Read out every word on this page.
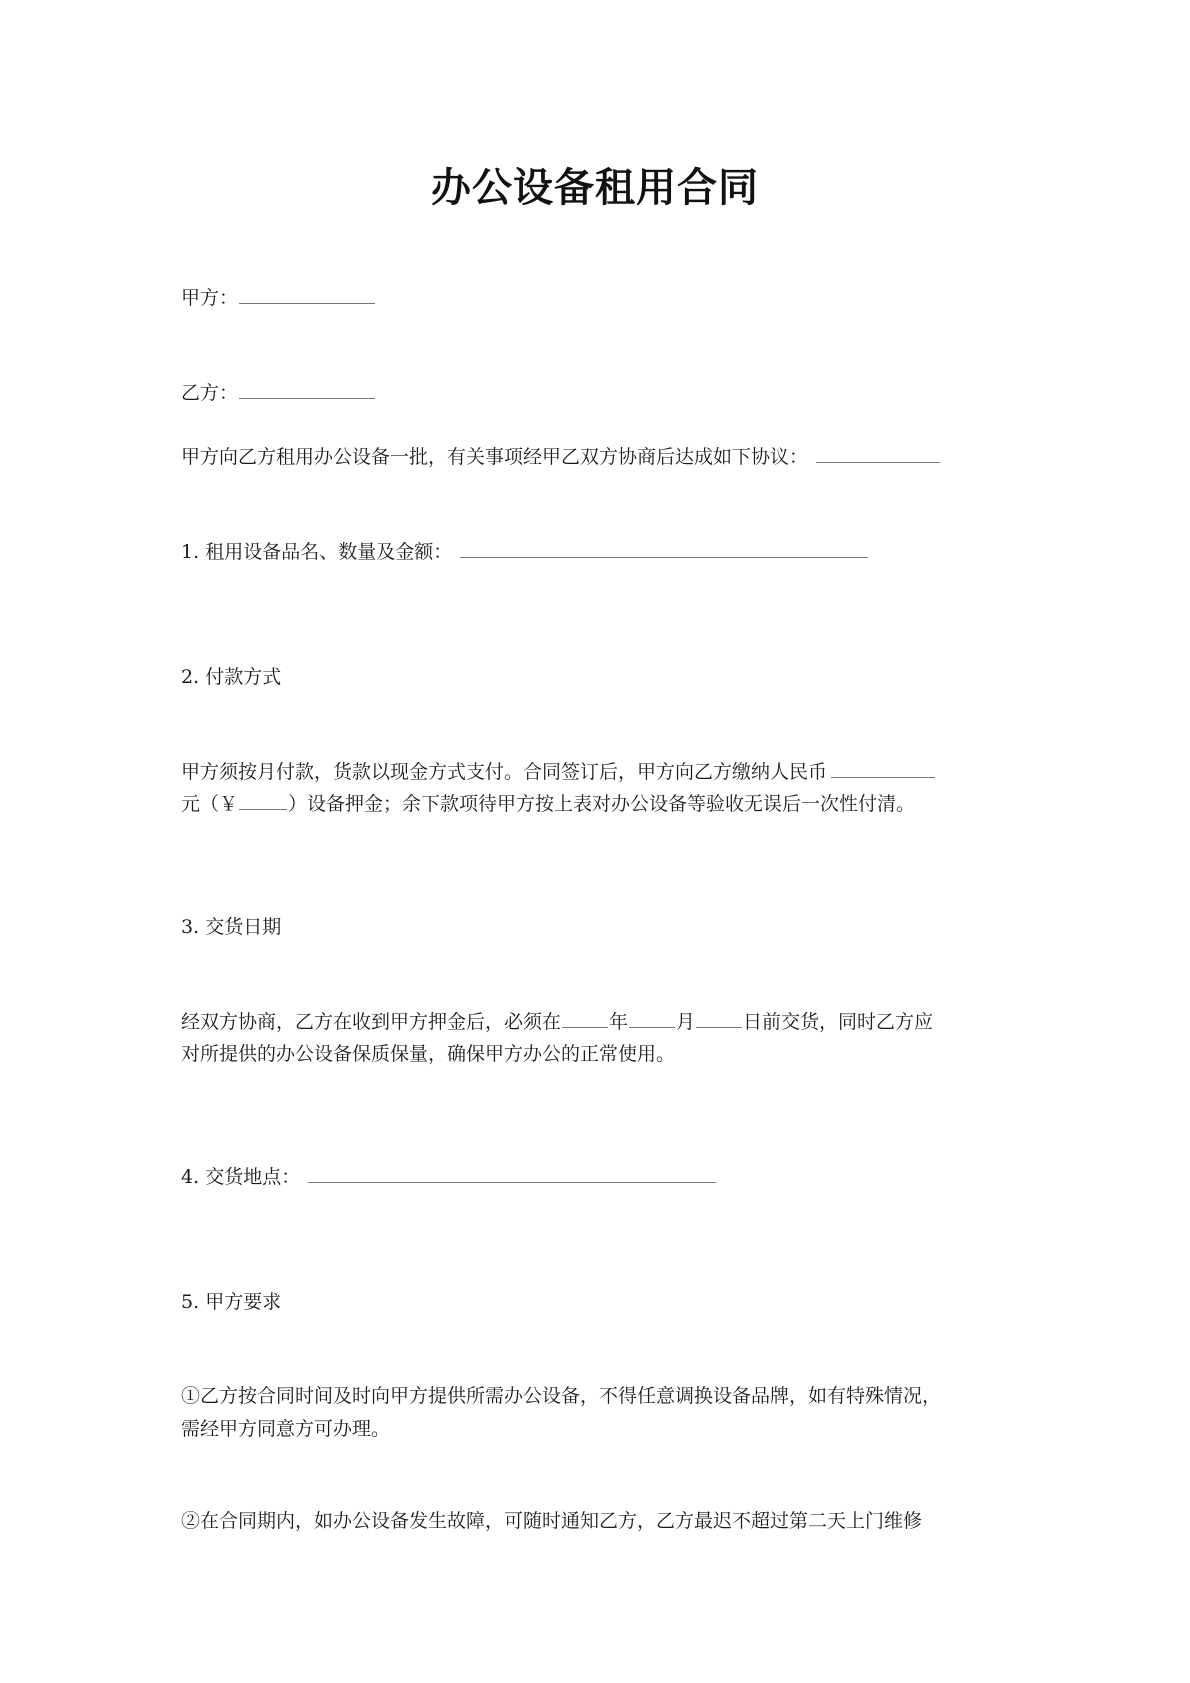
办公设备租用合同
甲方：
乙方：
甲方向乙方租用办公设备一批，有关事项经甲乙双方协商后达成如下协议：
1. 租用设备品名、数量及金额：
2. 付款方式
甲方须按月付款，货款以现金方式支付。合同签订后，甲方向乙方缴纳人民币
元（￥	）设备押金；余下款项待甲方按上表对办公设备等验收无误后一次性付清。
3. 交货日期
经双方协商，乙方在收到甲方押金后，必须在	年	月	日前交货，同时乙方应
对所提供的办公设备保质保量，确保甲方办公的正常使用。
4. 交货地点：
5. 甲方要求
①乙方按合同时间及时向甲方提供所需办公设备，不得任意调换设备品牌，如有特殊情况，
需经甲方同意方可办理。
②在合同期内，如办公设备发生故障，可随时通知乙方，乙方最迟不超过第二天上门维修
